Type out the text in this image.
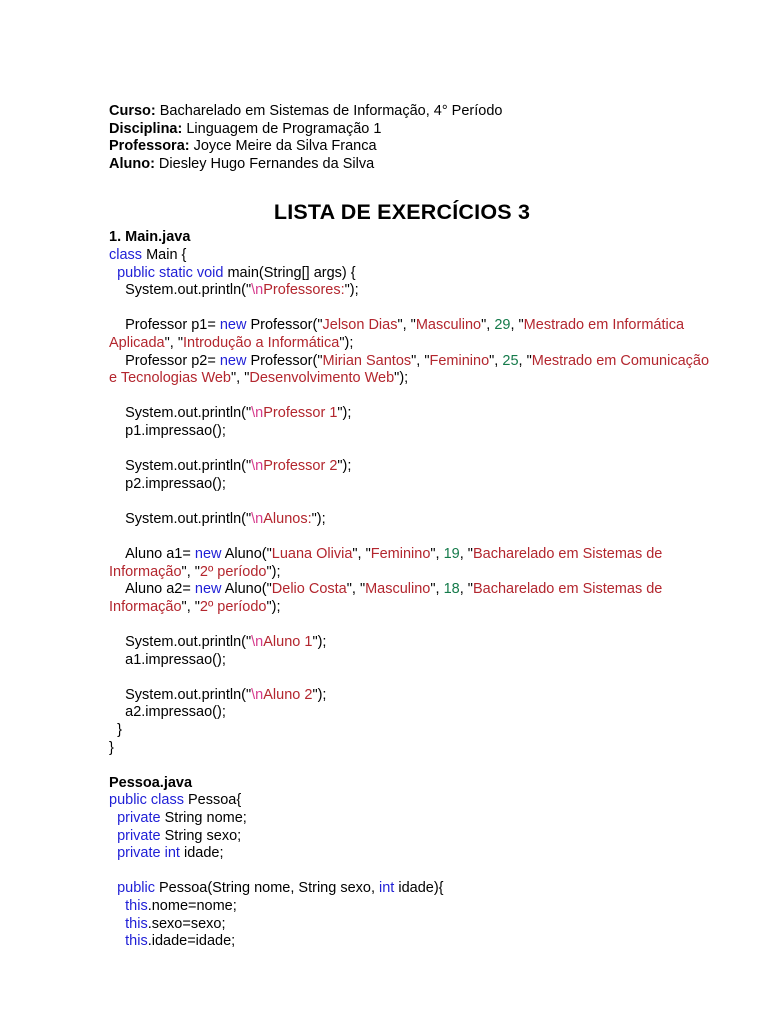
Curso: Bacharelado em Sistemas de Informação, 4° Período
Disciplina: Linguagem de Programação 1
Professora: Joyce Meire da Silva Franca
Aluno: Diesley Hugo Fernandes da Silva
LISTA DE EXERCÍCIOS 3
1. Main.java
class Main {
public static void main(String[] args) {
System.out.println("\nProfessores:");
Professor p1= new Professor("Jelson Dias", "Masculino", 29, "Mestrado em Informática Aplicada", "Introdução a Informática");
Professor p2= new Professor("Mirian Santos", "Feminino", 25, "Mestrado em Comunicação e Tecnologias Web", "Desenvolvimento Web");
System.out.println("\nProfessor 1");
p1.impressao();
System.out.println("\nProfessor 2");
p2.impressao();
System.out.println("\nAlunos:");
Aluno a1= new Aluno("Luana Olivia", "Feminino", 19, "Bacharelado em Sistemas de Informação", "2º período");
Aluno a2= new Aluno("Delio Costa", "Masculino", 18, "Bacharelado em Sistemas de Informação", "2º período");
System.out.println("\nAluno 1");
a1.impressao();
System.out.println("\nAluno 2");
a2.impressao();
}
}
Pessoa.java
public class Pessoa{
private String nome;
private String sexo;
private int idade;
public Pessoa(String nome, String sexo, int idade){
this.nome=nome;
this.sexo=sexo;
this.idade=idade;
